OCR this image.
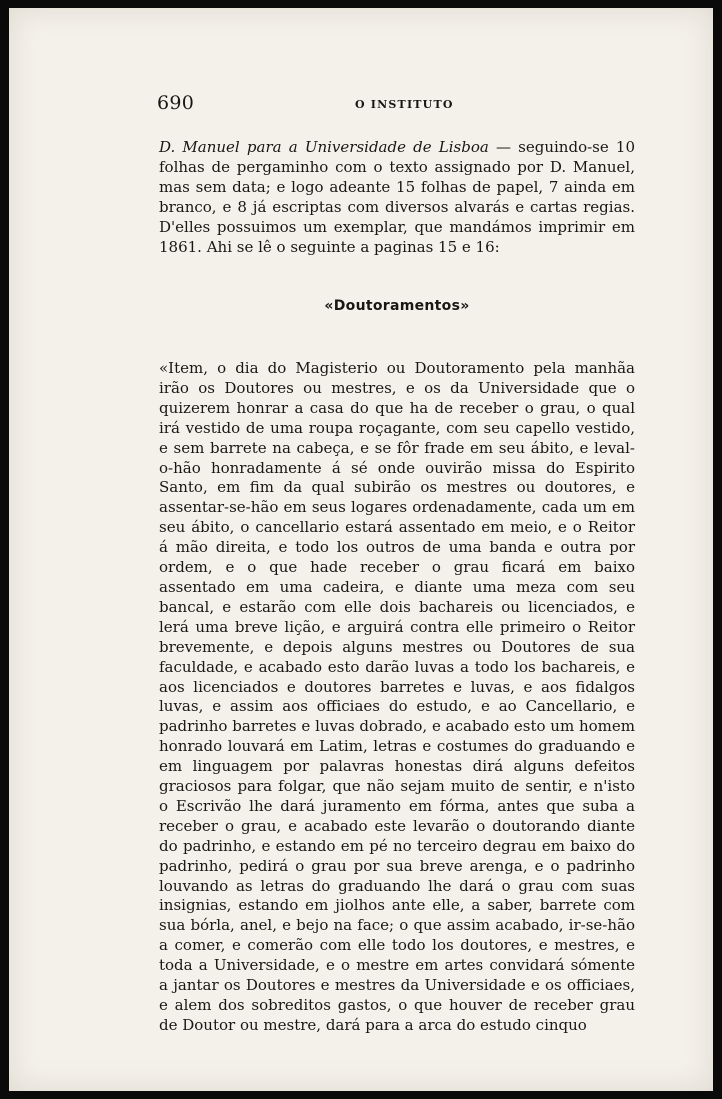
690	O INSTITUTO

D. Manuel para a Universidade de Lisboa — seguindo-se 10 folhas de pergaminho com o texto assignado por D. Manuel, mas sem data; e logo adeante 15 folhas de papel, 7 ainda em branco, e 8 já escriptas com diversos alvarás e cartas regias. D'elles possuimos um exemplar, que mandámos imprimir em 1861. Ahi se lê o seguinte a paginas 15 e 16:

«Doutoramentos»

«Item, o dia do Magisterio ou Doutoramento pela manhãa irão os Doutores ou mestres, e os da Universidade que o quizerem honrar a casa do que ha de receber o grau, o qual irá vestido de uma roupa roçagante, com seu capello vestido, e sem barrete na cabeça, e se fôr frade em seu ábito, e leval-o-hão honradamente á sé onde ouvirão missa do Espirito Santo, em fim da qual subirão os mestres ou doutores, e assentar-se-hão em seus logares ordenadamente, cada um em seu ábito, o cancellario estará assentado em meio, e o Reitor á mão direita, e todo los outros de uma banda e outra por ordem, e o que hade receber o grau ficará em baixo assentado em uma cadeira, e diante uma meza com seu bancal, e estarão com elle dois bachareis ou licenciados, e lerá uma breve lição, e arguirá contra elle primeiro o Reitor brevemente, e depois alguns mestres ou Doutores de sua faculdade, e acabado esto darão luvas a todo los bachareis, e aos licenciados e doutores barretes e luvas, e aos fidalgos luvas, e assim aos officiaes do estudo, e ao Cancellario, e padrinho barretes e luvas dobrado, e acabado esto um homem honrado louvará em Latim, letras e costumes do graduando e em linguagem por palavras honestas dirá alguns defeitos graciosos para folgar, que não sejam muito de sentir, e n'isto o Escrivão lhe dará juramento em fórma, antes que suba a receber o grau, e acabado este levarão o doutorando diante do padrinho, e estando em pé no terceiro degrau em baixo do padrinho, pedirá o grau por sua breve arenga, e o padrinho louvando as letras do graduando lhe dará o grau com suas insignias, estando em jiolhos ante elle, a saber, barrete com sua bórla, anel, e bejo na face; o que assim acabado, ir-se-hão a comer, e comerão com elle todo los doutores, e mestres, e toda a Universidade, e o mestre em artes convidará sómente a jantar os Doutores e mestres da Universidade e os officiaes, e alem dos sobreditos gastos, o que houver de receber grau de Doutor ou mestre, dará para a arca do estudo cinquo
